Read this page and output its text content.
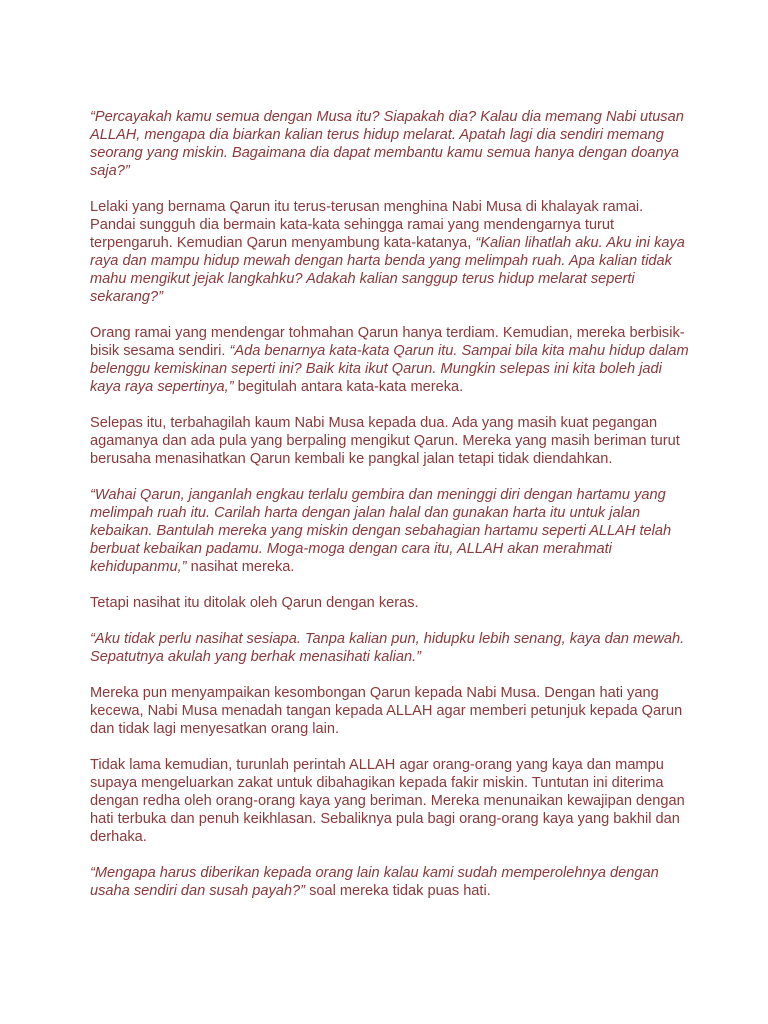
“Percayakah kamu semua dengan Musa itu? Siapakah dia? Kalau dia memang Nabi utusan ALLAH, mengapa dia biarkan kalian terus hidup melarat. Apatah lagi dia sendiri memang seorang yang miskin. Bagaimana dia dapat membantu kamu semua hanya dengan doanya saja?”

Lelaki yang bernama Qarun itu terus-terusan menghina Nabi Musa di khalayak ramai. Pandai sungguh dia bermain kata-kata sehingga ramai yang mendengarnya turut terpengaruh. Kemudian Qarun menyambung kata-katanya, “Kalian lihatlah aku. Aku ini kaya raya dan mampu hidup mewah dengan harta benda yang melimpah ruah. Apa kalian tidak mahu mengikut jejak langkahku? Adakah kalian sanggup terus hidup melarat seperti sekarang?”

Orang ramai yang mendengar tohmahan Qarun hanya terdiam. Kemudian, mereka berbisik-bisik sesama sendiri. “Ada benarnya kata-kata Qarun itu. Sampai bila kita mahu hidup dalam belenggu kemiskinan seperti ini? Baik kita ikut Qarun. Mungkin selepas ini kita boleh jadi kaya raya sepertinya,” begitulah antara kata-kata mereka.

Selepas itu, terbahagilah kaum Nabi Musa kepada dua. Ada yang masih kuat pegangan agamanya dan ada pula yang berpaling mengikut Qarun. Mereka yang masih beriman turut berusaha menasihatkan Qarun kembali ke pangkal jalan tetapi tidak diendahkan.

“Wahai Qarun, janganlah engkau terlalu gembira dan meninggi diri dengan hartamu yang melimpah ruah itu. Carilah harta dengan jalan halal dan gunakan harta itu untuk jalan kebaikan. Bantulah mereka yang miskin dengan sebahagian hartamu seperti ALLAH telah berbuat kebaikan padamu. Moga-moga dengan cara itu, ALLAH akan merahmati kehidupanmu,” nasihat mereka.

Tetapi nasihat itu ditolak oleh Qarun dengan keras.

“Aku tidak perlu nasihat sesiapa. Tanpa kalian pun, hidupku lebih senang, kaya dan mewah. Sepatutnya akulah yang berhak menasihati kalian.”

Mereka pun menyampaikan kesombongan Qarun kepada Nabi Musa. Dengan hati yang kecewa, Nabi Musa menadah tangan kepada ALLAH agar memberi petunjuk kepada Qarun dan tidak lagi menyesatkan orang lain.

Tidak lama kemudian, turunlah perintah ALLAH agar orang-orang yang kaya dan mampu supaya mengeluarkan zakat untuk dibahagikan kepada fakir miskin. Tuntutan ini diterima dengan redha oleh orang-orang kaya yang beriman. Mereka menunaikan kewajipan dengan hati terbuka dan penuh keikhlasan. Sebaliknya pula bagi orang-orang kaya yang bakhil dan derhaka.

“Mengapa harus diberikan kepada orang lain kalau kami sudah memperolehnya dengan usaha sendiri dan susah payah?” soal mereka tidak puas hati.
